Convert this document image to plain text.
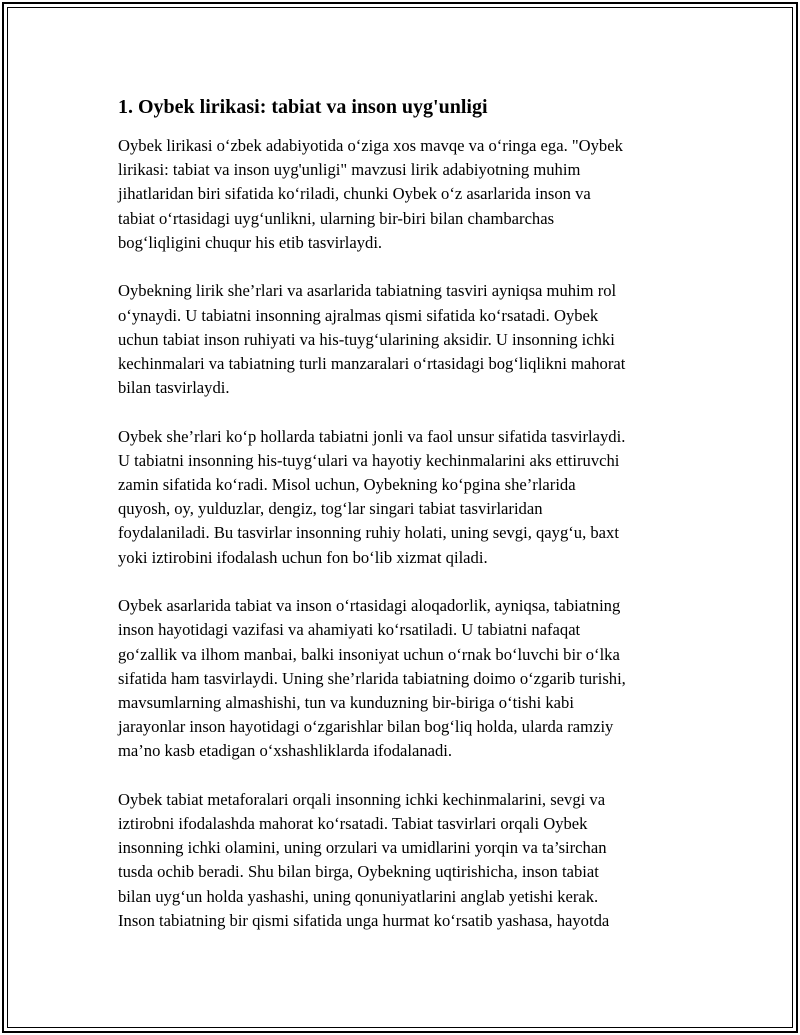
1. Oybek lirikasi: tabiat va inson uyg'unligi

Oybek lirikasi o‘zbek adabiyotida o‘ziga xos mavqe va o‘ringa ega. "Oybek
lirikasi: tabiat va inson uyg'unligi" mavzusi lirik adabiyotning muhim
jihatlaridan biri sifatida ko‘riladi, chunki Oybek o‘z asarlarida inson va
tabiat o‘rtasidagi uyg‘unlikni, ularning bir-biri bilan chambarchas
bog‘liqligini chuqur his etib tasvirlaydi.

Oybekning lirik she’rlari va asarlarida tabiatning tasviri ayniqsa muhim rol
o‘ynaydi. U tabiatni insonning ajralmas qismi sifatida ko‘rsatadi. Oybek
uchun tabiat inson ruhiyati va his-tuyg‘ularining aksidir. U insonning ichki
kechinmalari va tabiatning turli manzaralari o‘rtasidagi bog‘liqlikni mahorat
bilan tasvirlaydi.

Oybek she’rlari ko‘p hollarda tabiatni jonli va faol unsur sifatida tasvirlaydi.
U tabiatni insonning his-tuyg‘ulari va hayotiy kechinmalarini aks ettiruvchi
zamin sifatida ko‘radi. Misol uchun, Oybekning ko‘pgina she’rlarida
quyosh, oy, yulduzlar, dengiz, tog‘lar singari tabiat tasvirlaridan
foydalaniladi. Bu tasvirlar insonning ruhiy holati, uning sevgi, qayg‘u, baxt
yoki iztirobini ifodalash uchun fon bo‘lib xizmat qiladi.

Oybek asarlarida tabiat va inson o‘rtasidagi aloqadorlik, ayniqsa, tabiatning
inson hayotidagi vazifasi va ahamiyati ko‘rsatiladi. U tabiatni nafaqat
go‘zallik va ilhom manbai, balki insoniyat uchun o‘rnak bo‘luvchi bir o‘lka
sifatida ham tasvirlaydi. Uning she’rlarida tabiatning doimo o‘zgarib turishi,
mavsumlarning almashishi, tun va kunduzning bir-biriga o‘tishi kabi
jarayonlar inson hayotidagi o‘zgarishlar bilan bog‘liq holda, ularda ramziy
ma’no kasb etadigan o‘xshashliklarda ifodalanadi.

Oybek tabiat metaforalari orqali insonning ichki kechinmalarini, sevgi va
iztirobni ifodalashda mahorat ko‘rsatadi. Tabiat tasvirlari orqali Oybek
insonning ichki olamini, uning orzulari va umidlarini yorqin va ta’sirchan
tusda ochib beradi. Shu bilan birga, Oybekning uqtirishicha, inson tabiat
bilan uyg‘un holda yashashi, uning qonuniyatlarini anglab yetishi kerak.
Inson tabiatning bir qismi sifatida unga hurmat ko‘rsatib yashasa, hayotda
